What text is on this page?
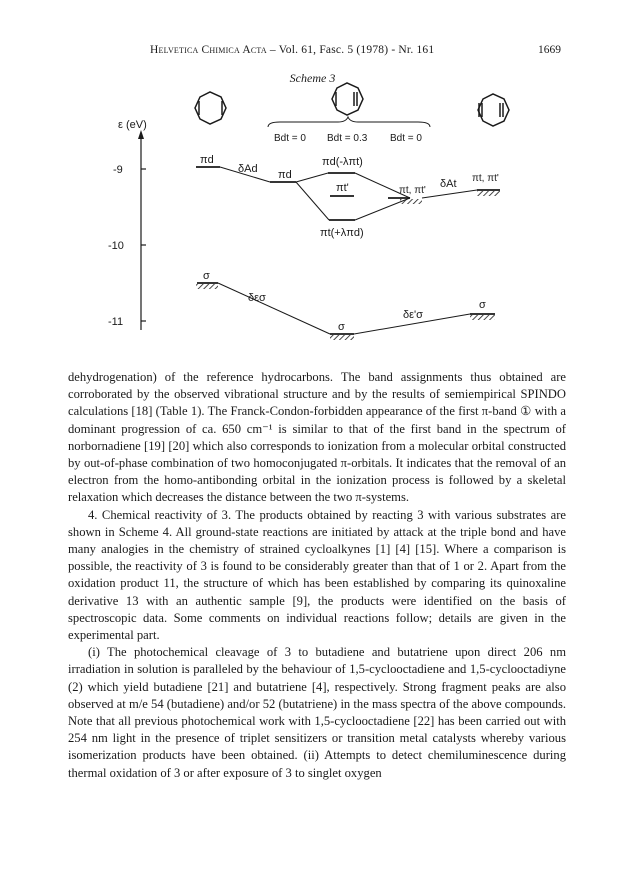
Helvetica Chimica Acta – Vol. 61, Fasc. 5 (1978) - Nr. 161	1669
Scheme 3
Bdt = 0 Bdt = 0.3 Bdt = 0
ε (eV)
-9
-10
-11
πd
δAd πd
πd(-λπt)
πt'
πt(+λπd)
πt, πt'
δAt πt, πt'
σ
δεσ
σ
δε'σ
σ

dehydrogenation) of the reference hydrocarbons. The band assignments thus obtained are corroborated by the observed vibrational structure and by the results of semiempirical SPINDO calculations [18] (Table 1). The Franck-Condon-forbidden appearance of the first π-band ① with a dominant progression of ca. 650 cm⁻¹ is similar to that of the first band in the spectrum of norbornadiene [19] [20] which also corresponds to ionization from a molecular orbital constructed by out-of-phase combination of two homoconjugated π-orbitals. It indicates that the removal of an electron from the homo-antibonding orbital in the ionization process is followed by a skeletal relaxation which decreases the distance between the two π-systems.

4. Chemical reactivity of 3. The products obtained by reacting 3 with various substrates are shown in Scheme 4. All ground-state reactions are initiated by attack at the triple bond and have many analogies in the chemistry of strained cycloalkynes [1] [4] [15]. Where a comparison is possible, the reactivity of 3 is found to be considerably greater than that of 1 or 2. Apart from the oxidation product 11, the structure of which has been established by comparing its quinoxaline derivative 13 with an authentic sample [9], the products were identified on the basis of spectroscopic data. Some comments on individual reactions follow; details are given in the experimental part.

(i) The photochemical cleavage of 3 to butadiene and butatriene upon direct 206 nm irradiation in solution is paralleled by the behaviour of 1,5-cyclooctadiene and 1,5-cyclooctadiyne (2) which yield butadiene [21] and butatriene [4], respectively. Strong fragment peaks are also observed at m/e 54 (butadiene) and/or 52 (butatriene) in the mass spectra of the above compounds. Note that all previous photochemical work with 1,5-cyclooctadiene [22] has been carried out with 254 nm light in the presence of triplet sensitizers or transition metal catalysts whereby various isomerization products have been obtained. (ii) Attempts to detect chemiluminescence during thermal oxidation of 3 or after exposure of 3 to singlet oxygen
